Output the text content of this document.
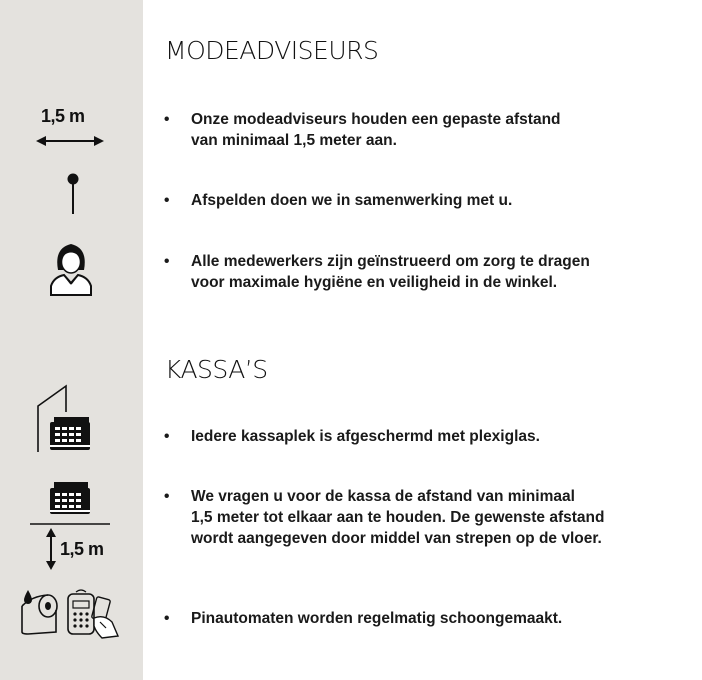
MODEADVISEURS
1,5 m	• Onze modeadviseurs houden een gepaste afstand
van minimaal 1,5 meter aan.
• Afspelden doen we in samenwerking met u.
• Alle medewerkers zijn geïnstrueerd om zorg te dragen
voor maximale hygiëne en veiligheid in de winkel.
KASSA’S
• Iedere kassaplek is afgeschermd met plexiglas.
1,5 m
• We vragen u voor de kassa de afstand van minimaal
1,5 meter tot elkaar aan te houden. De gewenste afstand
wordt aangegeven door middel van strepen op de vloer.
• Pinautomaten worden regelmatig schoongemaakt.
